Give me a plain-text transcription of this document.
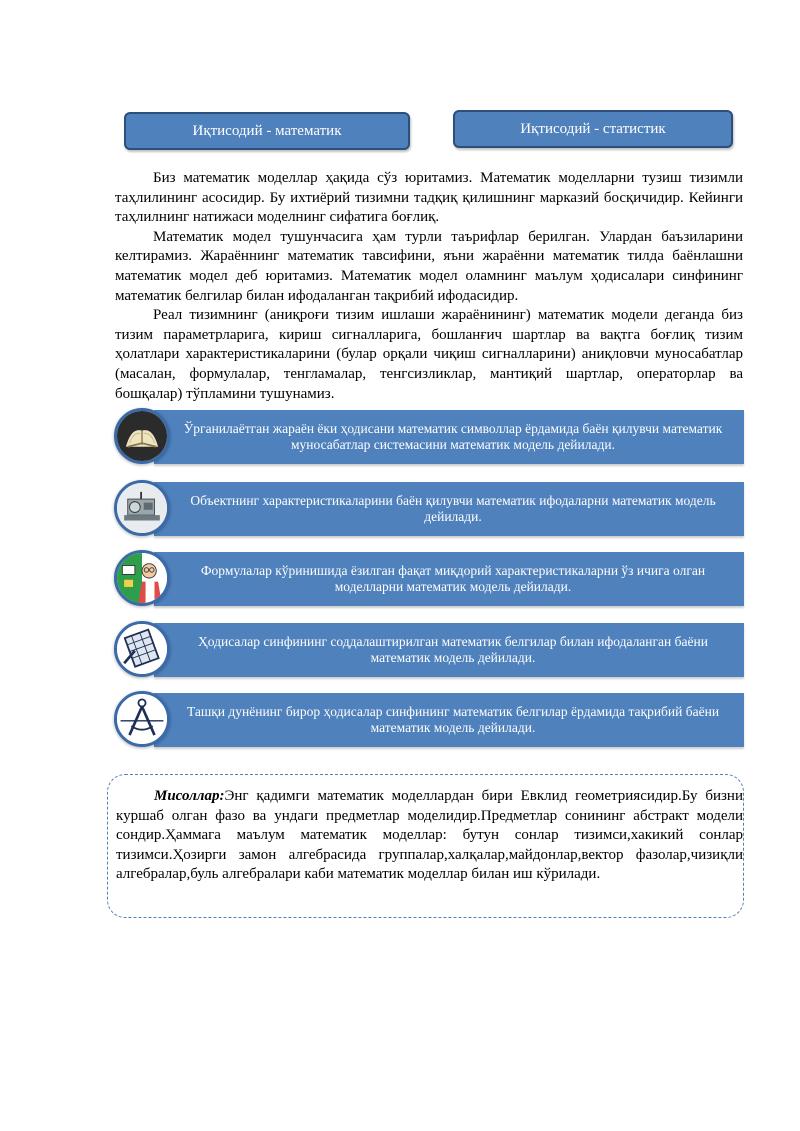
Иқтисодий - математик	Иқтисодий - статистик

Биз математик моделлар ҳақида сўз юритамиз. Математик моделларни тузиш тизимли таҳлилининг асосидир. Бу ихтиёрий тизимни тадқиқ қилишнинг марказий босқичидир. Кейинги таҳлилнинг натижаси моделнинг сифатига боғлиқ.

Математик модел тушунчасига ҳам турли таърифлар берилган. Улардан баъзиларини келтирамиз. Жараённинг математик тавсифини, яъни жараённи математик тилда баёнлашни математик модел деб юритамиз. Математик модел оламнинг маълум ҳодисалари синфининг математик белгилар билан ифодаланган тақрибий ифодасидир.

Реал тизимнинг (аниқроғи тизим ишлаши жараёнининг) математик модели деганда биз тизим параметрларига, кириш сигналларига, бошланғич шартлар ва вақтга боғлиқ тизим ҳолатлари характеристикаларини (булар орқали чиқиш сигналларини) аниқловчи муносабатлар (масалан, формулалар, тенгламалар, тенгсизликлар, мантиқий шартлар, операторлар ва бошқалар) тўпламини тушунамиз.

Ўрганилаётган жараён ёки ҳодисани математик символлар ёрдамида баён қилувчи математик муносабатлар системасини математик модель дейилади.
Объектнинг характеристикаларини баён қилувчи математик ифодаларни математик модель дейилади.
Формулалар кўринишида ёзилган фақат миқдорий характеристикаларни ўз ичига олган моделларни математик модель дейилади.
Ҳодисалар синфининг соддалаштирилган математик белгилар билан ифодаланган баёни математик модель дейилади.
Ташқи дунёнинг бирор ҳодисалар синфининг математик белгилар ёрдамида тақрибий баёни математик модель дейилади.

Мисоллар:Энг қадимги математик моделлардан бири Евклид геометриясидир.Бу бизни куршаб олган фазо ва ундаги предметлар моделидир.Предметлар сонининг абстракт модели сондир.Ҳаммага маълум математик моделлар: бутун сонлар тизимси,хакикий сонлар тизимси.Ҳозирги замон алгебрасида группалар,халқалар,майдонлар,вектор фазолар,чизиқли алгебралар,буль алгебралари каби математик моделлар билан иш кўрилади.
